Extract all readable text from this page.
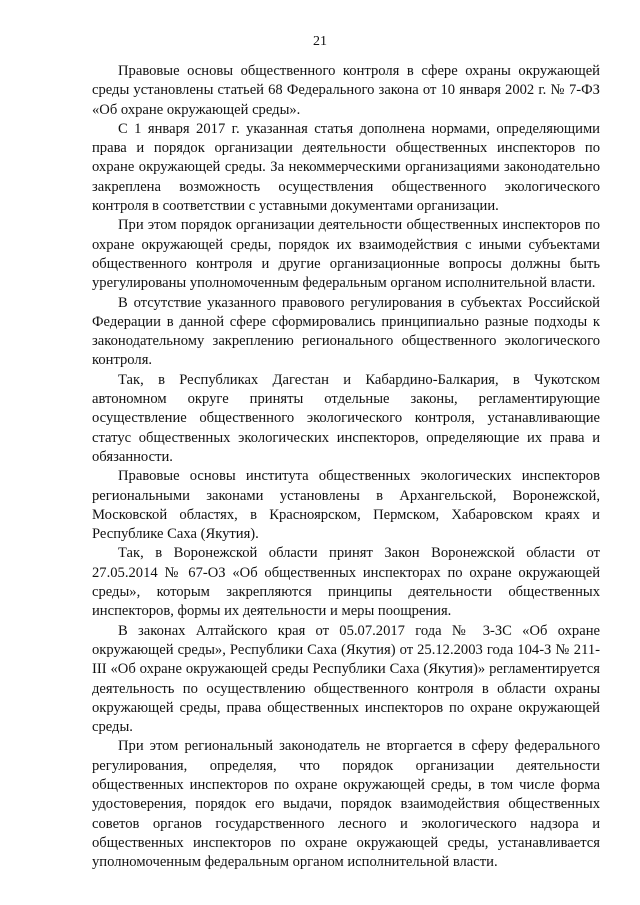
21

Правовые основы общественного контроля в сфере охраны окружающей среды установлены статьей 68 Федерального закона от 10 января 2002 г. № 7-ФЗ «Об охране окружающей среды».

С 1 января 2017 г. указанная статья дополнена нормами, определяющими права и порядок организации деятельности общественных инспекторов по охране окружающей среды. За некоммерческими организациями законодательно закреплена возможность осуществления общественного экологического контроля в соответствии с уставными документами организации.

При этом порядок организации деятельности общественных инспекторов по охране окружающей среды, порядок их взаимодействия с иными субъектами общественного контроля и другие организационные вопросы должны быть урегулированы уполномоченным федеральным органом исполнительной власти.

В отсутствие указанного правового регулирования в субъектах Российской Федерации в данной сфере сформировались принципиально разные подходы к законодательному закреплению регионального общественного экологического контроля.

Так, в Республиках Дагестан и Кабардино-Балкария, в Чукотском автономном округе приняты отдельные законы, регламентирующие осуществление общественного экологического контроля, устанавливающие статус общественных экологических инспекторов, определяющие их права и обязанности.

Правовые основы института общественных экологических инспекторов региональными законами установлены в Архангельской, Воронежской, Московской областях, в Красноярском, Пермском, Хабаровском краях и Республике Саха (Якутия).

Так, в Воронежской области принят Закон Воронежской области от 27.05.2014 № 67-ОЗ «Об общественных инспекторах по охране окружающей среды», которым закрепляются принципы деятельности общественных инспекторов, формы их деятельности и меры поощрения.

В законах Алтайского края от 05.07.2017 года № 3-ЗС «Об охране окружающей среды», Республики Саха (Якутия) от 25.12.2003 года 104-З № 211-III «Об охране окружающей среды Республики Саха (Якутия)» регламентируется деятельность по осуществлению общественного контроля в области охраны окружающей среды, права общественных инспекторов по охране окружающей среды.

При этом региональный законодатель не вторгается в сферу федерального регулирования, определяя, что порядок организации деятельности общественных инспекторов по охране окружающей среды, в том числе форма удостоверения, порядок его выдачи, порядок взаимодействия общественных советов органов государственного лесного и экологического надзора и общественных инспекторов по охране окружающей среды, устанавливается уполномоченным федеральным органом исполнительной власти.
